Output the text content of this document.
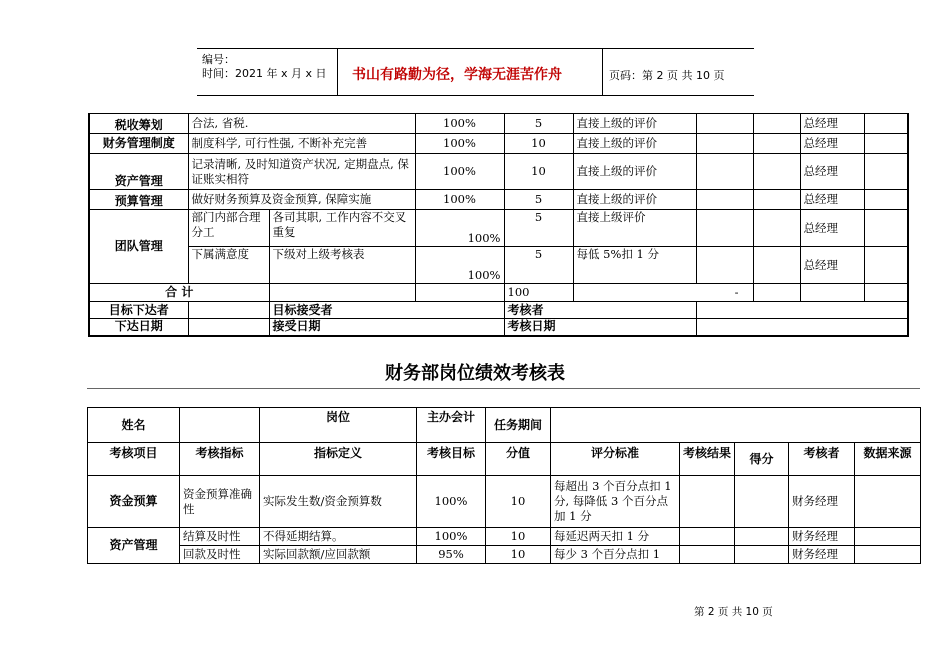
编号：
时间：2021 年 x 月 x 日 书山有路勤为径，学海无涯苦作舟	页码：第 2 页 共 10 页
税收筹划	合法, 省税.		100%	5	直接上级的评价			总经理	
财务管理制度	制度科学, 可行性强, 不断补充完善		100%	10	直接上级的评价			总经理	
资产管理	记录清晰, 及时知道资产状况, 定期盘点, 保证账实相符		100%	10	直接上级的评价			总经理	
预算管理	做好财务预算及资金预算, 保障实施		100%	5	直接上级的评价			总经理	
团队管理	部门内部合理分工	各司其职, 工作内容不交叉重复	100%	5	直接上级评价			总经理	
	下属满意度	下级对上级考核表	100%	5	每低 5%扣 1 分			总经理	
合 计				100	-				
目标下达者		目标接受者		考核者					
下达日期		接受日期		考核日期					
财务部岗位绩效考核表
姓名		岗位	主办会计	任务期间					
考核项目	考核指标	指标定义	考核目标	分值	评分标准	考核结果	得分	考核者	数据来源
资金预算	资金预算准确性	实际发生数/资金预算数	100%	10	每超出 3 个百分点扣 1 分, 每降低 3 个百分点加 1 分			财务经理	
资产管理	结算及时性	不得延期结算。	100%	10	每延迟两天扣 1 分			财务经理	
	回款及时性	实际回款额/应回款额	95%	10	每少 3 个百分点扣 1			财务经理	
第 2 页 共 10 页
